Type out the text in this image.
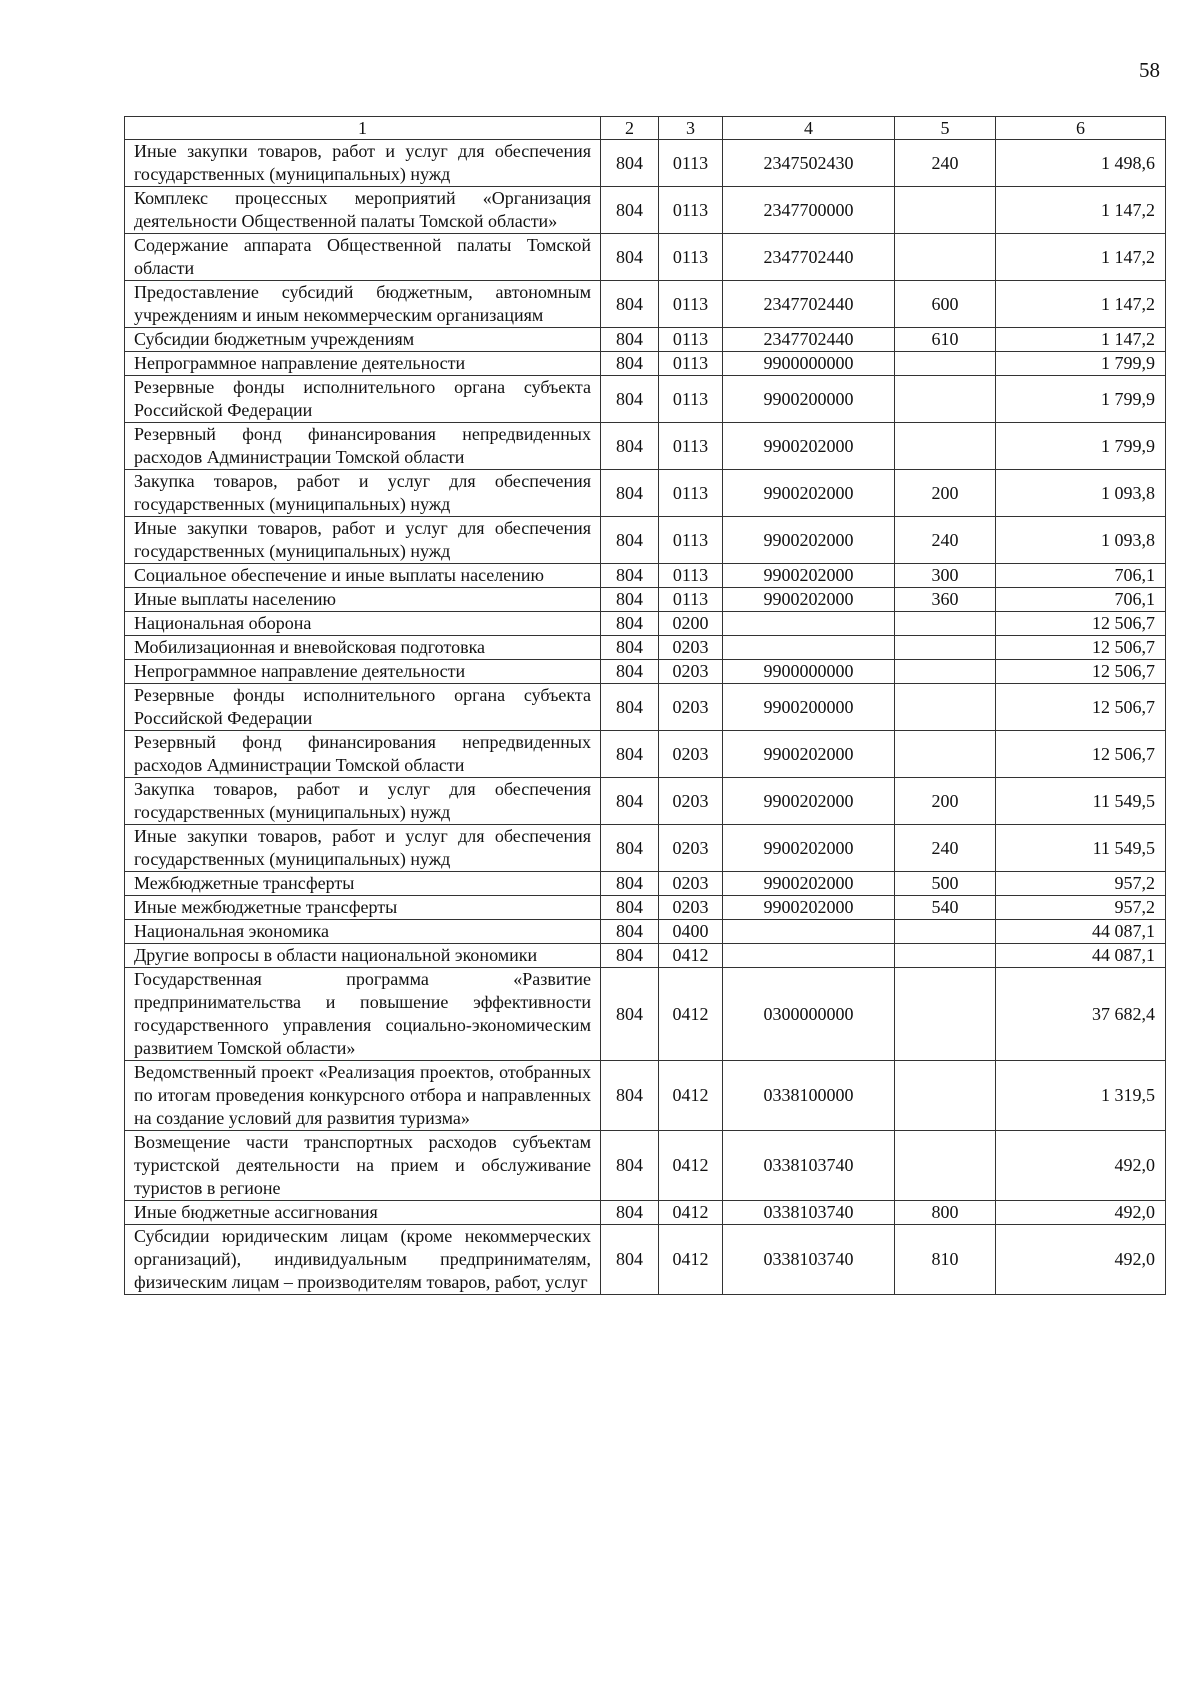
58
1	2	3	4	5	6
Иные закупки товаров, работ и услуг для обеспечения государственных (муниципальных) нужд	804	0113	2347502430	240	1 498,6
Комплекс процессных мероприятий «Организация деятельности Общественной палаты Томской области»	804	0113	2347700000		1 147,2
Содержание аппарата Общественной палаты Томской области	804	0113	2347702440		1 147,2
Предоставление субсидий бюджетным, автономным учреждениям и иным некоммерческим организациям	804	0113	2347702440	600	1 147,2
Субсидии бюджетным учреждениям	804	0113	2347702440	610	1 147,2
Непрограммное направление деятельности	804	0113	9900000000		1 799,9
Резервные фонды исполнительного органа субъекта Российской Федерации	804	0113	9900200000		1 799,9
Резервный фонд финансирования непредвиденных расходов Администрации Томской области	804	0113	9900202000		1 799,9
Закупка товаров, работ и услуг для обеспечения государственных (муниципальных) нужд	804	0113	9900202000	200	1 093,8
Иные закупки товаров, работ и услуг для обеспечения государственных (муниципальных) нужд	804	0113	9900202000	240	1 093,8
Социальное обеспечение и иные выплаты населению	804	0113	9900202000	300	706,1
Иные выплаты населению	804	0113	9900202000	360	706,1
Национальная оборона	804	0200			12 506,7
Мобилизационная и вневойсковая подготовка	804	0203			12 506,7
Непрограммное направление деятельности	804	0203	9900000000		12 506,7
Резервные фонды исполнительного органа субъекта Российской Федерации	804	0203	9900200000		12 506,7
Резервный фонд финансирования непредвиденных расходов Администрации Томской области	804	0203	9900202000		12 506,7
Закупка товаров, работ и услуг для обеспечения государственных (муниципальных) нужд	804	0203	9900202000	200	11 549,5
Иные закупки товаров, работ и услуг для обеспечения государственных (муниципальных) нужд	804	0203	9900202000	240	11 549,5
Межбюджетные трансферты	804	0203	9900202000	500	957,2
Иные межбюджетные трансферты	804	0203	9900202000	540	957,2
Национальная экономика	804	0400			44 087,1
Другие вопросы в области национальной экономики	804	0412			44 087,1
Государственная программа «Развитие предпринимательства и повышение эффективности государственного управления социально-экономическим развитием Томской области»	804	0412	0300000000		37 682,4
Ведомственный проект «Реализация проектов, отобранных по итогам проведения конкурсного отбора и направленных на создание условий для развития туризма»	804	0412	0338100000		1 319,5
Возмещение части транспортных расходов субъектам туристской деятельности на прием и обслуживание туристов в регионе	804	0412	0338103740		492,0
Иные бюджетные ассигнования	804	0412	0338103740	800	492,0
Субсидии юридическим лицам (кроме некоммерческих организаций), индивидуальным предпринимателям, физическим лицам – производителям товаров, работ, услуг	804	0412	0338103740	810	492,0
